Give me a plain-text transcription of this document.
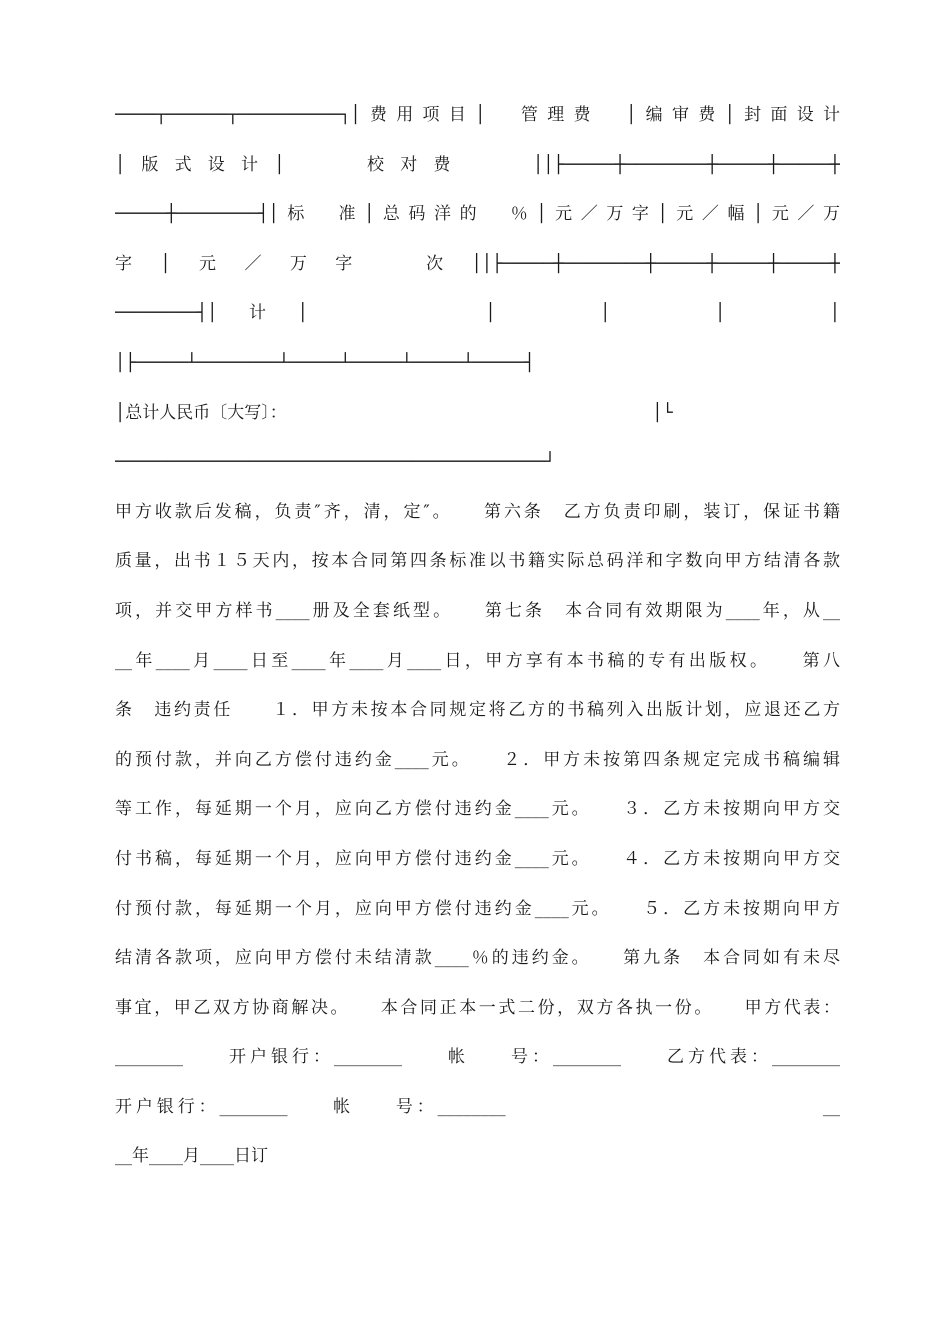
────┬──────┬──────────┐│费用项目│　管理费　│编审费│封面设计
│版式设计│　　校对费　　││├─────┼────────┼─────┼─────┼
─────┼────────┤│标　准│总码洋的　％│元／万字│元／幅│元／万
字│元／万字　次││├─────┼────────┼─────┼─────┼─────┼
────────┤│　计　│　　　　　　　│　　　　│　　　　│　　　　│
│├─────┴────────┴─────┴─────┴─────┴─────┤
│总计人民币〔大写〕：　　　　　　　　　　　　　　　　　　　　　　│└
──────────────────────────────────────────┘
甲方收款后发稿，负责″齐，清，定″。　　第六条　乙方负责印刷，装订，保证书籍
质量，出书１５天内，按本合同第四条标准以书籍实际总码洋和字数向甲方结清各款
项，并交甲方样书____册及全套纸型。　　第七条　本合同有效期限为____年，从__
__年____月____日至____年____月____日，甲方享有本书稿的专有出版权。　　第八
条　违约责任　　１．甲方未按本合同规定将乙方的书稿列入出版计划，应退还乙方
的预付款，并向乙方偿付违约金____元。　　２．甲方未按第四条规定完成书稿编辑
等工作，每延期一个月，应向乙方偿付违约金____元。　　３．乙方未按期向甲方交
付书稿，每延期一个月，应向甲方偿付违约金____元。　　４．乙方未按期向甲方交
付预付款，每延期一个月，应向甲方偿付违约金____元。　　５．乙方未按期向甲方
结清各款项，应向甲方偿付未结清款____％的违约金。　　第九条　本合同如有未尽
事宜，甲乙双方协商解决。　　本合同正本一式二份，双方各执一份。　　甲方代表：
________　　开户银行：________　　帐　　号：________　　乙方代表：________
开户银行：________　　帐　　号：________　　　　　　　　　　　　　　　__
__年____月____日订
